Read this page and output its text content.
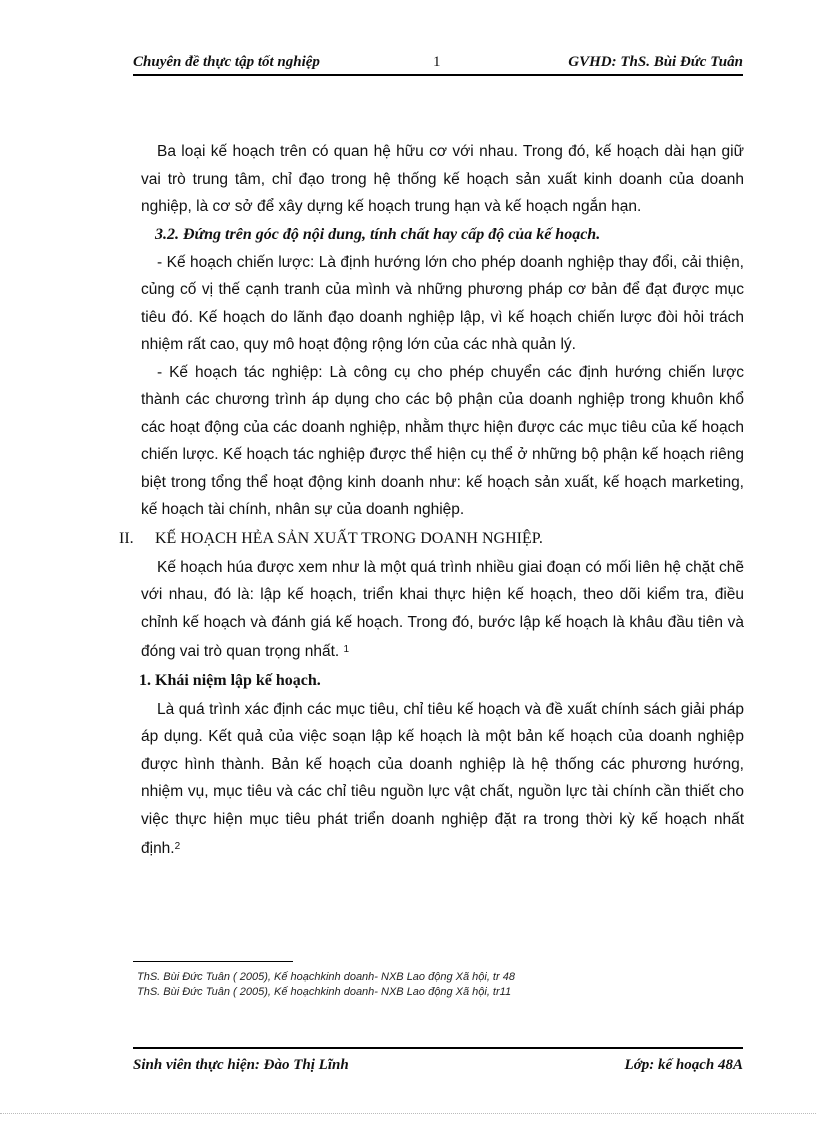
Chuyên đề thực tập tốt nghiệp	1	GVHD: ThS. Bùi Đức Tuân

Ba loại kế hoạch trên có quan hệ hữu cơ với nhau. Trong đó, kế hoạch dài hạn giữ vai trò trung tâm, chỉ đạo trong hệ thống kế hoạch sản xuất kinh doanh của doanh nghiệp, là cơ sở để xây dựng kế hoạch trung hạn và kế hoạch ngắn hạn.

3.2. Đứng trên góc độ nội dung, tính chất hay cấp độ của kế hoạch.

- Kế hoạch chiến lược: Là định hướng lớn cho phép doanh nghiệp thay đổi, cải thiện, củng cố vị thế cạnh tranh của mình và những phương pháp cơ bản để đạt được mục tiêu đó. Kế hoạch do lãnh đạo doanh nghiệp lập, vì kế hoạch chiến lược đòi hỏi trách nhiệm rất cao, quy mô hoạt động rộng lớn của các nhà quản lý.

- Kế hoạch tác nghiệp: Là công cụ cho phép chuyển các định hướng chiến lược thành các chương trình áp dụng cho các bộ phận của doanh nghiệp trong khuôn khổ các hoạt động của các doanh nghiệp, nhằm thực hiện được các mục tiêu của kế hoạch chiến lược. Kế hoạch tác nghiệp được thể hiện cụ thể ở những bộ phận kế hoạch riêng biệt trong tổng thể hoạt động kinh doanh như: kế hoạch sản xuất, kế hoạch marketing, kế hoạch tài chính, nhân sự của doanh nghiệp.

II. KẾ HOẠCH HẺA SẢN XUẤT TRONG DOANH NGHIỆP.

Kế hoạch húa được xem như là một quá trình nhiều giai đoạn có mối liên hệ chặt chẽ với nhau, đó là: lập kế hoạch, triển khai thực hiện kế hoạch, theo dõi kiểm tra, điều chỉnh kế hoạch và đánh giá kế hoạch. Trong đó, bước lập kế hoạch là khâu đầu tiên và đóng vai trò quan trọng nhất. $^1$

1. Khái niệm lập kế hoạch.

Là quá trình xác định các mục tiêu, chỉ tiêu kế hoạch và đề xuất chính sách giải pháp áp dụng. Kết quả của việc soạn lập kế hoạch là một bản kế hoạch của doanh nghiệp được hình thành. Bản kế hoạch của doanh nghiệp là hệ thống các phương hướng, nhiệm vụ, mục tiêu và các chỉ tiêu nguồn lực vật chất, nguồn lực tài chính cần thiết cho việc thực hiện mục tiêu phát triển doanh nghiệp đặt ra trong thời kỳ kế hoạch nhất định.$^2$

ThS. Bùi Đức Tuân ( 2005), Kế hoạchkinh doanh- NXB Lao động Xã hội, tr 48
ThS. Bùi Đức Tuân ( 2005), Kế hoạchkinh doanh- NXB Lao động Xã hội, tr11
Sinh viên thực hiện: Đào Thị Lĩnh	Lớp: kế hoạch 48A
